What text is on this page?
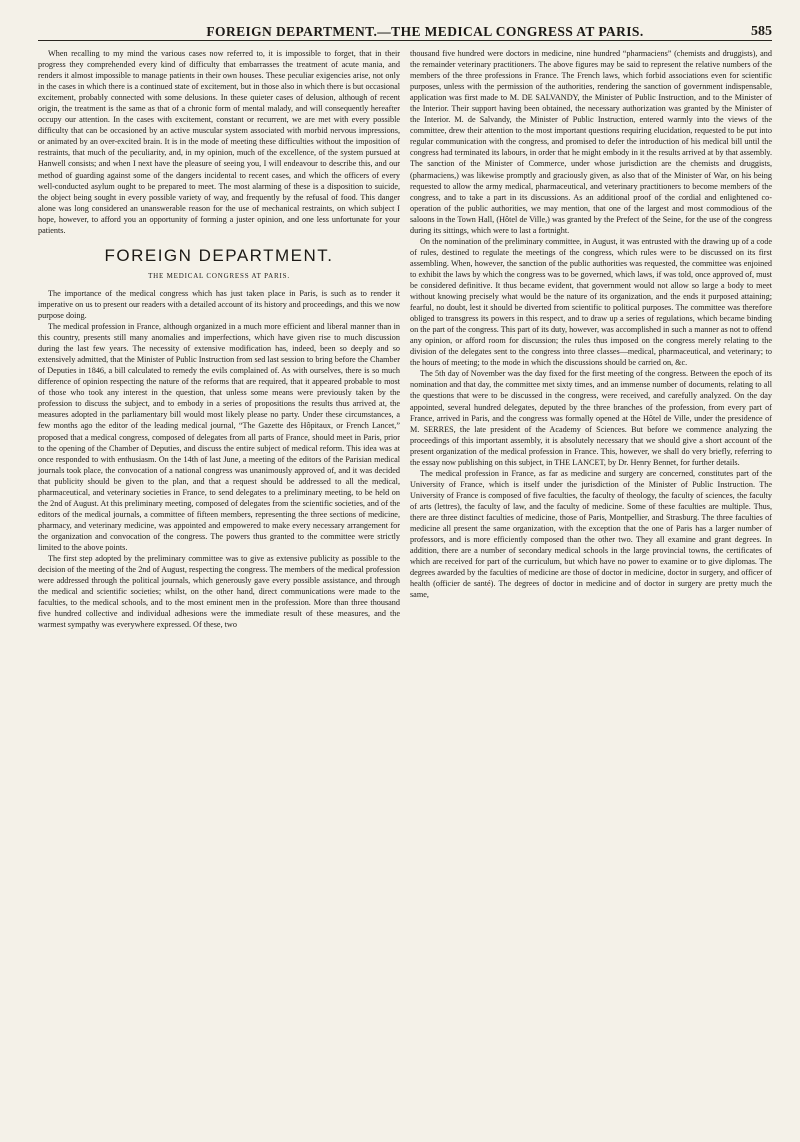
FOREIGN DEPARTMENT.—THE MEDICAL CONGRESS AT PARIS.	585

When recalling to my mind the various cases now referred to, it is impossible to forget, that in their progress they comprehended every kind of difficulty that embarrasses the treatment of acute mania, and renders it almost impossible to manage patients in their own houses. These peculiar exigencies arise, not only in the cases in which there is a continued state of excitement, but in those also in which there is but occasional excitement, probably connected with some delusions. In these quieter cases of delusion, although of recent origin, the treatment is the same as that of a chronic form of mental malady, and will consequently hereafter occupy our attention. In the cases with excitement, constant or recurrent, we are met with every possible difficulty that can be occasioned by an active muscular system associated with morbid nervous impressions, or animated by an over-excited brain. It is in the mode of meeting these difficulties without the imposition of restraints, that much of the peculiarity, and, in my opinion, much of the excellence, of the system pursued at Hanwell consists; and when I next have the pleasure of seeing you, I will endeavour to describe this, and our method of guarding against some of the dangers incidental to recent cases, and which the officers of every well-conducted asylum ought to be prepared to meet. The most alarming of these is a disposition to suicide, the object being sought in every possible variety of way, and frequently by the refusal of food. This danger alone was long considered an unanswerable reason for the use of mechanical restraints, on which subject I hope, however, to afford you an opportunity of forming a juster opinion, and one less unfortunate for your patients.

FOREIGN DEPARTMENT.
THE MEDICAL CONGRESS AT PARIS.

The importance of the medical congress which has just taken place in Paris, is such as to render it imperative on us to present our readers with a detailed account of its history and proceedings, and this we now purpose doing.

The medical profession in France, although organized in a much more efficient and liberal manner than in this country, presents still many anomalies and imperfections, which have given rise to much discussion during the last few years. The necessity of extensive modification has, indeed, been so deeply and so extensively admitted, that the Minister of Public Instruction from sed last session to bring before the Chamber of Deputies in 1846, a bill calculated to remedy the evils complained of. As with ourselves, there is so much difference of opinion respecting the nature of the reforms that are required, that it appeared probable to most of those who took any interest in the question, that unless some means were previously taken by the profession to discuss the subject, and to embody in a series of propositions the results thus arrived at, the measures adopted in the parliamentary bill would most likely please no party. Under these circumstances, a few months ago the editor of the leading medical journal, “The Gazette des Hôpitaux, or French Lancet,” proposed that a medical congress, composed of delegates from all parts of France, should meet in Paris, prior to the opening of the Chamber of Deputies, and discuss the entire subject of medical reform. This idea was at once responded to with enthusiasm. On the 14th of last June, a meeting of the editors of the Parisian medical journals took place, the convocation of a national congress was unanimously approved of, and it was decided that publicity should be given to the plan, and that a request should be addressed to all the medical, pharmaceutical, and veterinary societies in France, to send delegates to a preliminary meeting, to be held on the 2nd of August. At this preliminary meeting, composed of delegates from the scientific societies, and of the editors of the medical journals, a committee of fifteen members, representing the three sections of medicine, pharmacy, and veterinary medicine, was appointed and empowered to make every necessary arrangement for the organization and convocation of the congress. The powers thus granted to the committee were strictly limited to the above points.

The first step adopted by the preliminary committee was to give as extensive publicity as possible to the decision of the meeting of the 2nd of August, respecting the congress. The members of the medical profession were addressed through the political journals, which generously gave every possible assistance, and through the medical and scientific societies; whilst, on the other hand, direct communications were made to the faculties, to the medical schools, and to the most eminent men in the profession. More than three thousand five hundred collective and individual adhesions were the immediate result of these measures, and the warmest sympathy was everywhere expressed. Of these, two

thousand five hundred were doctors in medicine, nine hundred “pharmaciens” (chemists and druggists), and the remainder veterinary practitioners. The above figures may be said to represent the relative numbers of the members of the three professions in France. The French laws, which forbid associations even for scientific purposes, unless with the permission of the authorities, rendering the sanction of government indispensable, application was first made to M. DE SALVANDY, the Minister of Public Instruction, and to the Minister of the Interior. Their support having been obtained, the necessary authorization was granted by the Minister of the Interior. M. de Salvandy, the Minister of Public Instruction, entered warmly into the views of the committee, drew their attention to the most important questions requiring elucidation, requested to be put into regular communication with the congress, and promised to defer the introduction of his medical bill until the congress had terminated its labours, in order that he might embody in it the results arrived at by that assembly. The sanction of the Minister of Commerce, under whose jurisdiction are the chemists and druggists, (pharmaciens,) was likewise promptly and graciously given, as also that of the Minister of War, on his being requested to allow the army medical, pharmaceutical, and veterinary practitioners to become members of the congress, and to take a part in its discussions. As an additional proof of the cordial and enlightened co-operation of the public authorities, we may mention, that one of the largest and most commodious of the saloons in the Town Hall, (Hôtel de Ville,) was granted by the Prefect of the Seine, for the use of the congress during its sittings, which were to last a fortnight.

On the nomination of the preliminary committee, in August, it was entrusted with the drawing up of a code of rules, destined to regulate the meetings of the congress, which rules were to be discussed on its first assembling. When, however, the sanction of the public authorities was requested, the committee was enjoined to exhibit the laws by which the congress was to be governed, which laws, if was told, once approved of, must be considered definitive. It thus became evident, that government would not allow so large a body to meet without knowing precisely what would be the nature of its organization, and the ends it purposed attaining; fearful, no doubt, lest it should be diverted from scientific to political purposes. The committee was therefore obliged to transgress its powers in this respect, and to draw up a series of regulations, which became binding on the part of the congress. This part of its duty, however, was accomplished in such a manner as not to offend any opinion, or afford room for discussion; the rules thus imposed on the congress merely relating to the division of the delegates sent to the congress into three classes—medical, pharmaceutical, and veterinary; to the hours of meeting; to the mode in which the discussions should be carried on, &c.

The 5th day of November was the day fixed for the first meeting of the congress. Between the epoch of its nomination and that day, the committee met sixty times, and an immense number of documents, relating to all the questions that were to be discussed in the congress, were received, and carefully analyzed. On the day appointed, several hundred delegates, deputed by the three branches of the profession, from every part of France, arrived in Paris, and the congress was formally opened at the Hôtel de Ville, under the presidence of M. SERRES, the late president of the Academy of Sciences. But before we commence analyzing the proceedings of this important assembly, it is absolutely necessary that we should give a short account of the present organization of the medical profession in France. This, however, we shall do very briefly, referring to the essay now publishing on this subject, in THE LANCET, by Dr. Henry Bennet, for further details.

The medical profession in France, as far as medicine and surgery are concerned, constitutes part of the University of France, which is itself under the jurisdiction of the Minister of Public Instruction. The University of France is composed of five faculties, the faculty of theology, the faculty of sciences, the faculty of arts (lettres), the faculty of law, and the faculty of medicine. Some of these faculties are multiple. Thus, there are three distinct faculties of medicine, those of Paris, Montpellier, and Strasburg. The three faculties of medicine all present the same organization, with the exception that the one of Paris has a larger number of professors, and is more efficiently composed than the other two. They all examine and grant degrees. In addition, there are a number of secondary medical schools in the large provincial towns, the certificates of which are received for part of the curriculum, but which have no power to examine or to give diplomas. The degrees awarded by the faculties of medicine are those of doctor in medicine, doctor in surgery, and officer of health (officier de santé). The degrees of doctor in medicine and of doctor in surgery are pretty much the same,
